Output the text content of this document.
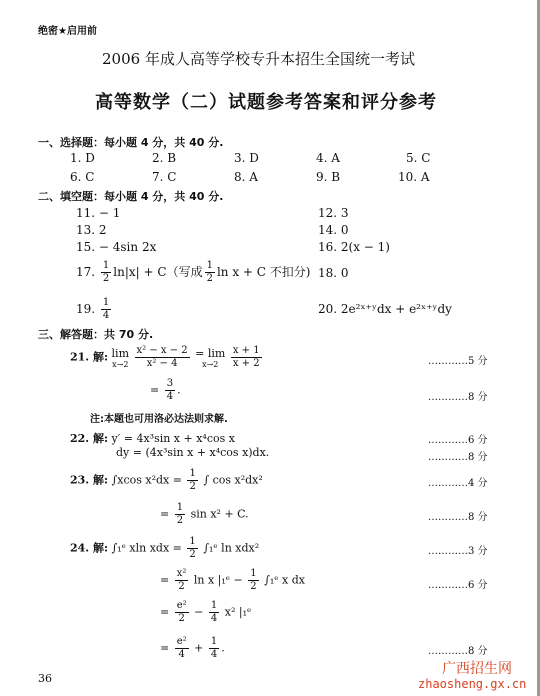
绝密★启用前
2006 年成人高等学校专升本招生全国统一考试
高等数学（二）试题参考答案和评分参考
一、选择题：每小题 4 分，共 40 分.
1. D	2. B	3. D	4. A	5. C
6. C	7. C	8. A	9. B	10. A
二、填空题：每小题 4 分，共 40 分.
11. − 1	12. 3
13. 2	14. 0
15. − 4sin 2x	16. 2(x − 1)
17. $\frac{1}{2} \ln|x| + C$（写成 $\frac{1}{2}$ ln x + C 不扣分) 18. 0
19. $\frac{1}{4}$	20. 2e²ˣ⁺ʸdx + e²ˣ⁺ʸdy
三、解答题：共 70 分.
21. 解: lim
x→2
$\frac{\text{x² − x − 2}}{\text{x² − 4}}$
= lim
x→2
$\frac{x + 1}{x + 2}$	…………5 分
= $\frac{3}{4}$ .
…………8 分
注:本题也可用洛必达法则求解.
22. 解: y′ = 4x³sin x + x⁴cos x	…………6 分
dy = (4x³sin x + x⁴cos x)dx.	…………8 分
23. 解: ∫xcos $x^2dx = \frac{1}{2}$ ∫ cos x²dx²	…………4 分
= $\frac{1}{2}$ sin x² + C.	…………8 分
24. 解: ∫₁ᵉ xln xdx = $\frac{1}{2}$ ∫₁ᵉ ln xdx²	…………3 分
= $\frac{\text{x²}}{2}$ ln x |₁ᵉ − $\frac{1}{2}$ ∫₁ᵉ x dx	…………6 分
= $\frac{\text{e²}}{2} - \frac{1}{4} x^2$ |₁ᵉ
= $\frac{\text{e²}}{4} + \frac{1}{4}$ .	…………8 分
36
广西招生网
zhaosheng.gx.cn
